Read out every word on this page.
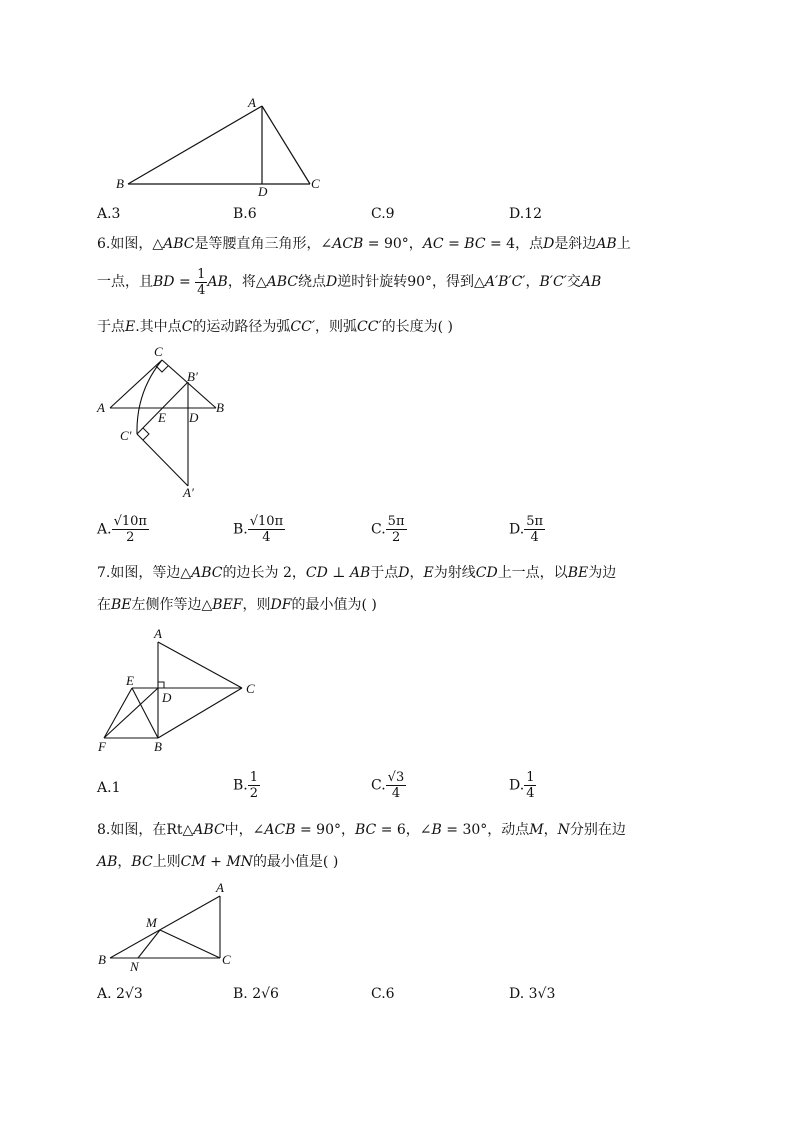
A
B	C
D
A.3	B.6	C.9	D.12
6.如图，△ABC是等腰直角三角形，∠ACB = 90°，AC = BC = 4，点D是斜边AB上
一点，且BD = $\frac{1}{4}$ AB，将△ABC绕点D逆时针旋转90°，得到△A′B′C′，B′C′交AB
于点E.其中点C的运动路径为弧CC′，则弧CC′的长度为( )
C
B′
A	B
E D
C′
A′
A. $\frac{√10\pi}{2}$	B. $\frac{√10\pi}{4}$	C. $\frac{5\pi}{2}$	D. $\frac{5\pi}{4}$
7.如图，等边△ABC的边长为 2，CD ⊥ AB于点D，E为射线CD上一点，以BE为边
在BE左侧作等边△BEF，则DF的最小值为( )
A
E
D
C
F	B
A.1	B. $\frac{1}{2}$	C. $\frac{√3}{4}$	D. $\frac{1}{4}$
8.如图，在Rt△ABC中，∠ACB = 90°，BC = 6，∠B = 30°，动点M，N分别在边
AB，BC上则CM + MN的最小值是( )
A
M
B N	C
A. 2√3	B. 2√6	C.6	D. 3√3
